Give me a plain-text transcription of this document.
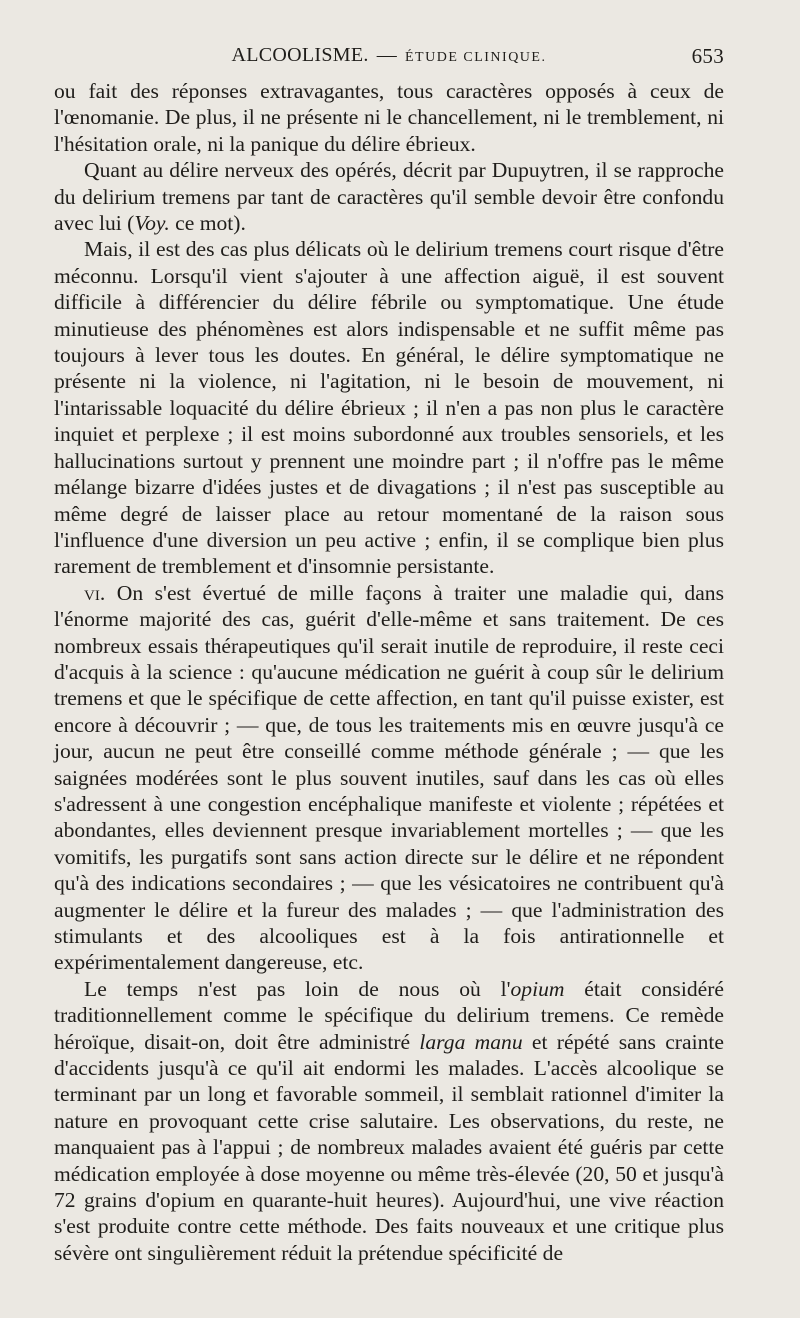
ALCOOLISME. — ÉTUDE CLINIQUE.	653

ou fait des réponses extravagantes, tous caractères opposés à ceux de l'œnomanie. De plus, il ne présente ni le chancellement, ni le tremblement, ni l'hésitation orale, ni la panique du délire ébrieux.

Quant au délire nerveux des opérés, décrit par Dupuytren, il se rapproche du delirium tremens par tant de caractères qu'il semble devoir être confondu avec lui (Voy. ce mot).

Mais, il est des cas plus délicats où le delirium tremens court risque d'être méconnu. Lorsqu'il vient s'ajouter à une affection aiguë, il est souvent difficile à différencier du délire fébrile ou symptomatique. Une étude minutieuse des phénomènes est alors indispensable et ne suffit même pas toujours à lever tous les doutes. En général, le délire symptomatique ne présente ni la violence, ni l'agitation, ni le besoin de mouvement, ni l'intarissable loquacité du délire ébrieux ; il n'en a pas non plus le caractère inquiet et perplexe ; il est moins subordonné aux troubles sensoriels, et les hallucinations surtout y prennent une moindre part ; il n'offre pas le même mélange bizarre d'idées justes et de divagations ; il n'est pas susceptible au même degré de laisser place au retour momentané de la raison sous l'influence d'une diversion un peu active ; enfin, il se complique bien plus rarement de tremblement et d'insomnie persistante.

vi. On s'est évertué de mille façons à traiter une maladie qui, dans l'énorme majorité des cas, guérit d'elle-même et sans traitement. De ces nombreux essais thérapeutiques qu'il serait inutile de reproduire, il reste ceci d'acquis à la science : qu'aucune médication ne guérit à coup sûr le delirium tremens et que le spécifique de cette affection, en tant qu'il puisse exister, est encore à découvrir ; — que, de tous les traitements mis en œuvre jusqu'à ce jour, aucun ne peut être conseillé comme méthode générale ; — que les saignées modérées sont le plus souvent inutiles, sauf dans les cas où elles s'adressent à une congestion encéphalique manifeste et violente ; répétées et abondantes, elles deviennent presque invariablement mortelles ; — que les vomitifs, les purgatifs sont sans action directe sur le délire et ne répondent qu'à des indications secondaires ; — que les vésicatoires ne contribuent qu'à augmenter le délire et la fureur des malades ; — que l'administration des stimulants et des alcooliques est à la fois antirationnelle et expérimentalement dangereuse, etc.

Le temps n'est pas loin de nous où l'opium était considéré traditionnellement comme le spécifique du delirium tremens. Ce remède héroïque, disait-on, doit être administré larga manu et répété sans crainte d'accidents jusqu'à ce qu'il ait endormi les malades. L'accès alcoolique se terminant par un long et favorable sommeil, il semblait rationnel d'imiter la nature en provoquant cette crise salutaire. Les observations, du reste, ne manquaient pas à l'appui ; de nombreux malades avaient été guéris par cette médication employée à dose moyenne ou même très-élevée (20, 50 et jusqu'à 72 grains d'opium en quarante-huit heures). Aujourd'hui, une vive réaction s'est produite contre cette méthode. Des faits nouveaux et une critique plus sévère ont singulièrement réduit la prétendue spécificité de
